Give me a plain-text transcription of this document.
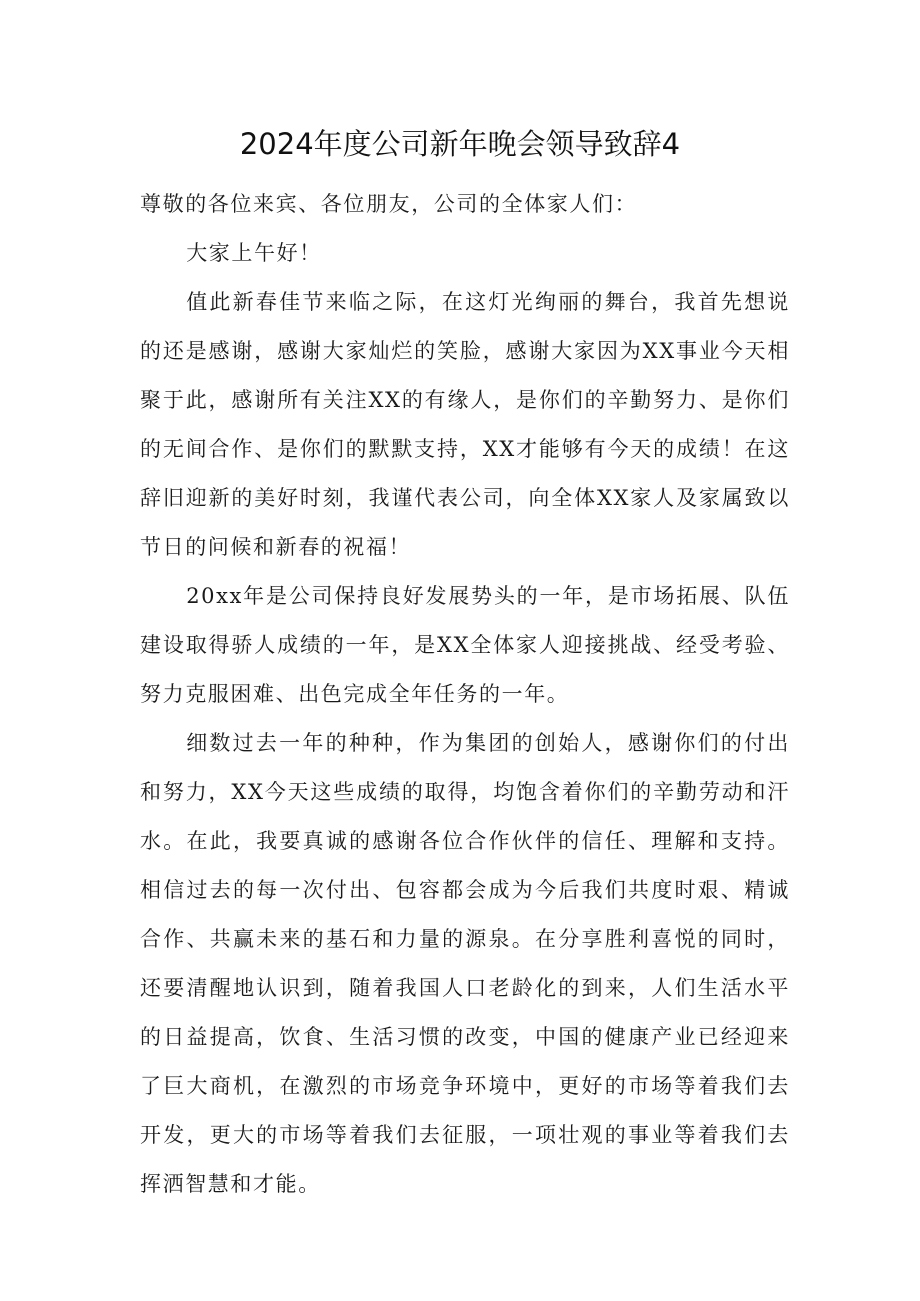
2024年度公司新年晚会领导致辞4

尊敬的各位来宾、各位朋友，公司的全体家人们：

大家上午好！

值此新春佳节来临之际，在这灯光绚丽的舞台，我首先想说的还是感谢，感谢大家灿烂的笑脸，感谢大家因为XX事业今天相聚于此，感谢所有关注XX的有缘人，是你们的辛勤努力、是你们的无间合作、是你们的默默支持，XX才能够有今天的成绩！在这辞旧迎新的美好时刻，我谨代表公司，向全体XX家人及家属致以节日的问候和新春的祝福！

20xx年是公司保持良好发展势头的一年，是市场拓展、队伍建设取得骄人成绩的一年，是XX全体家人迎接挑战、经受考验、努力克服困难、出色完成全年任务的一年。

细数过去一年的种种，作为集团的创始人，感谢你们的付出和努力，XX今天这些成绩的取得，均饱含着你们的辛勤劳动和汗水。在此，我要真诚的感谢各位合作伙伴的信任、理解和支持。相信过去的每一次付出、包容都会成为今后我们共度时艰、精诚合作、共赢未来的基石和力量的源泉。在分享胜利喜悦的同时，还要清醒地认识到，随着我国人口老龄化的到来，人们生活水平的日益提高，饮食、生活习惯的改变，中国的健康产业已经迎来了巨大商机，在激烈的市场竞争环境中，更好的市场等着我们去开发，更大的市场等着我们去征服，一项壮观的事业等着我们去挥洒智慧和才能。
